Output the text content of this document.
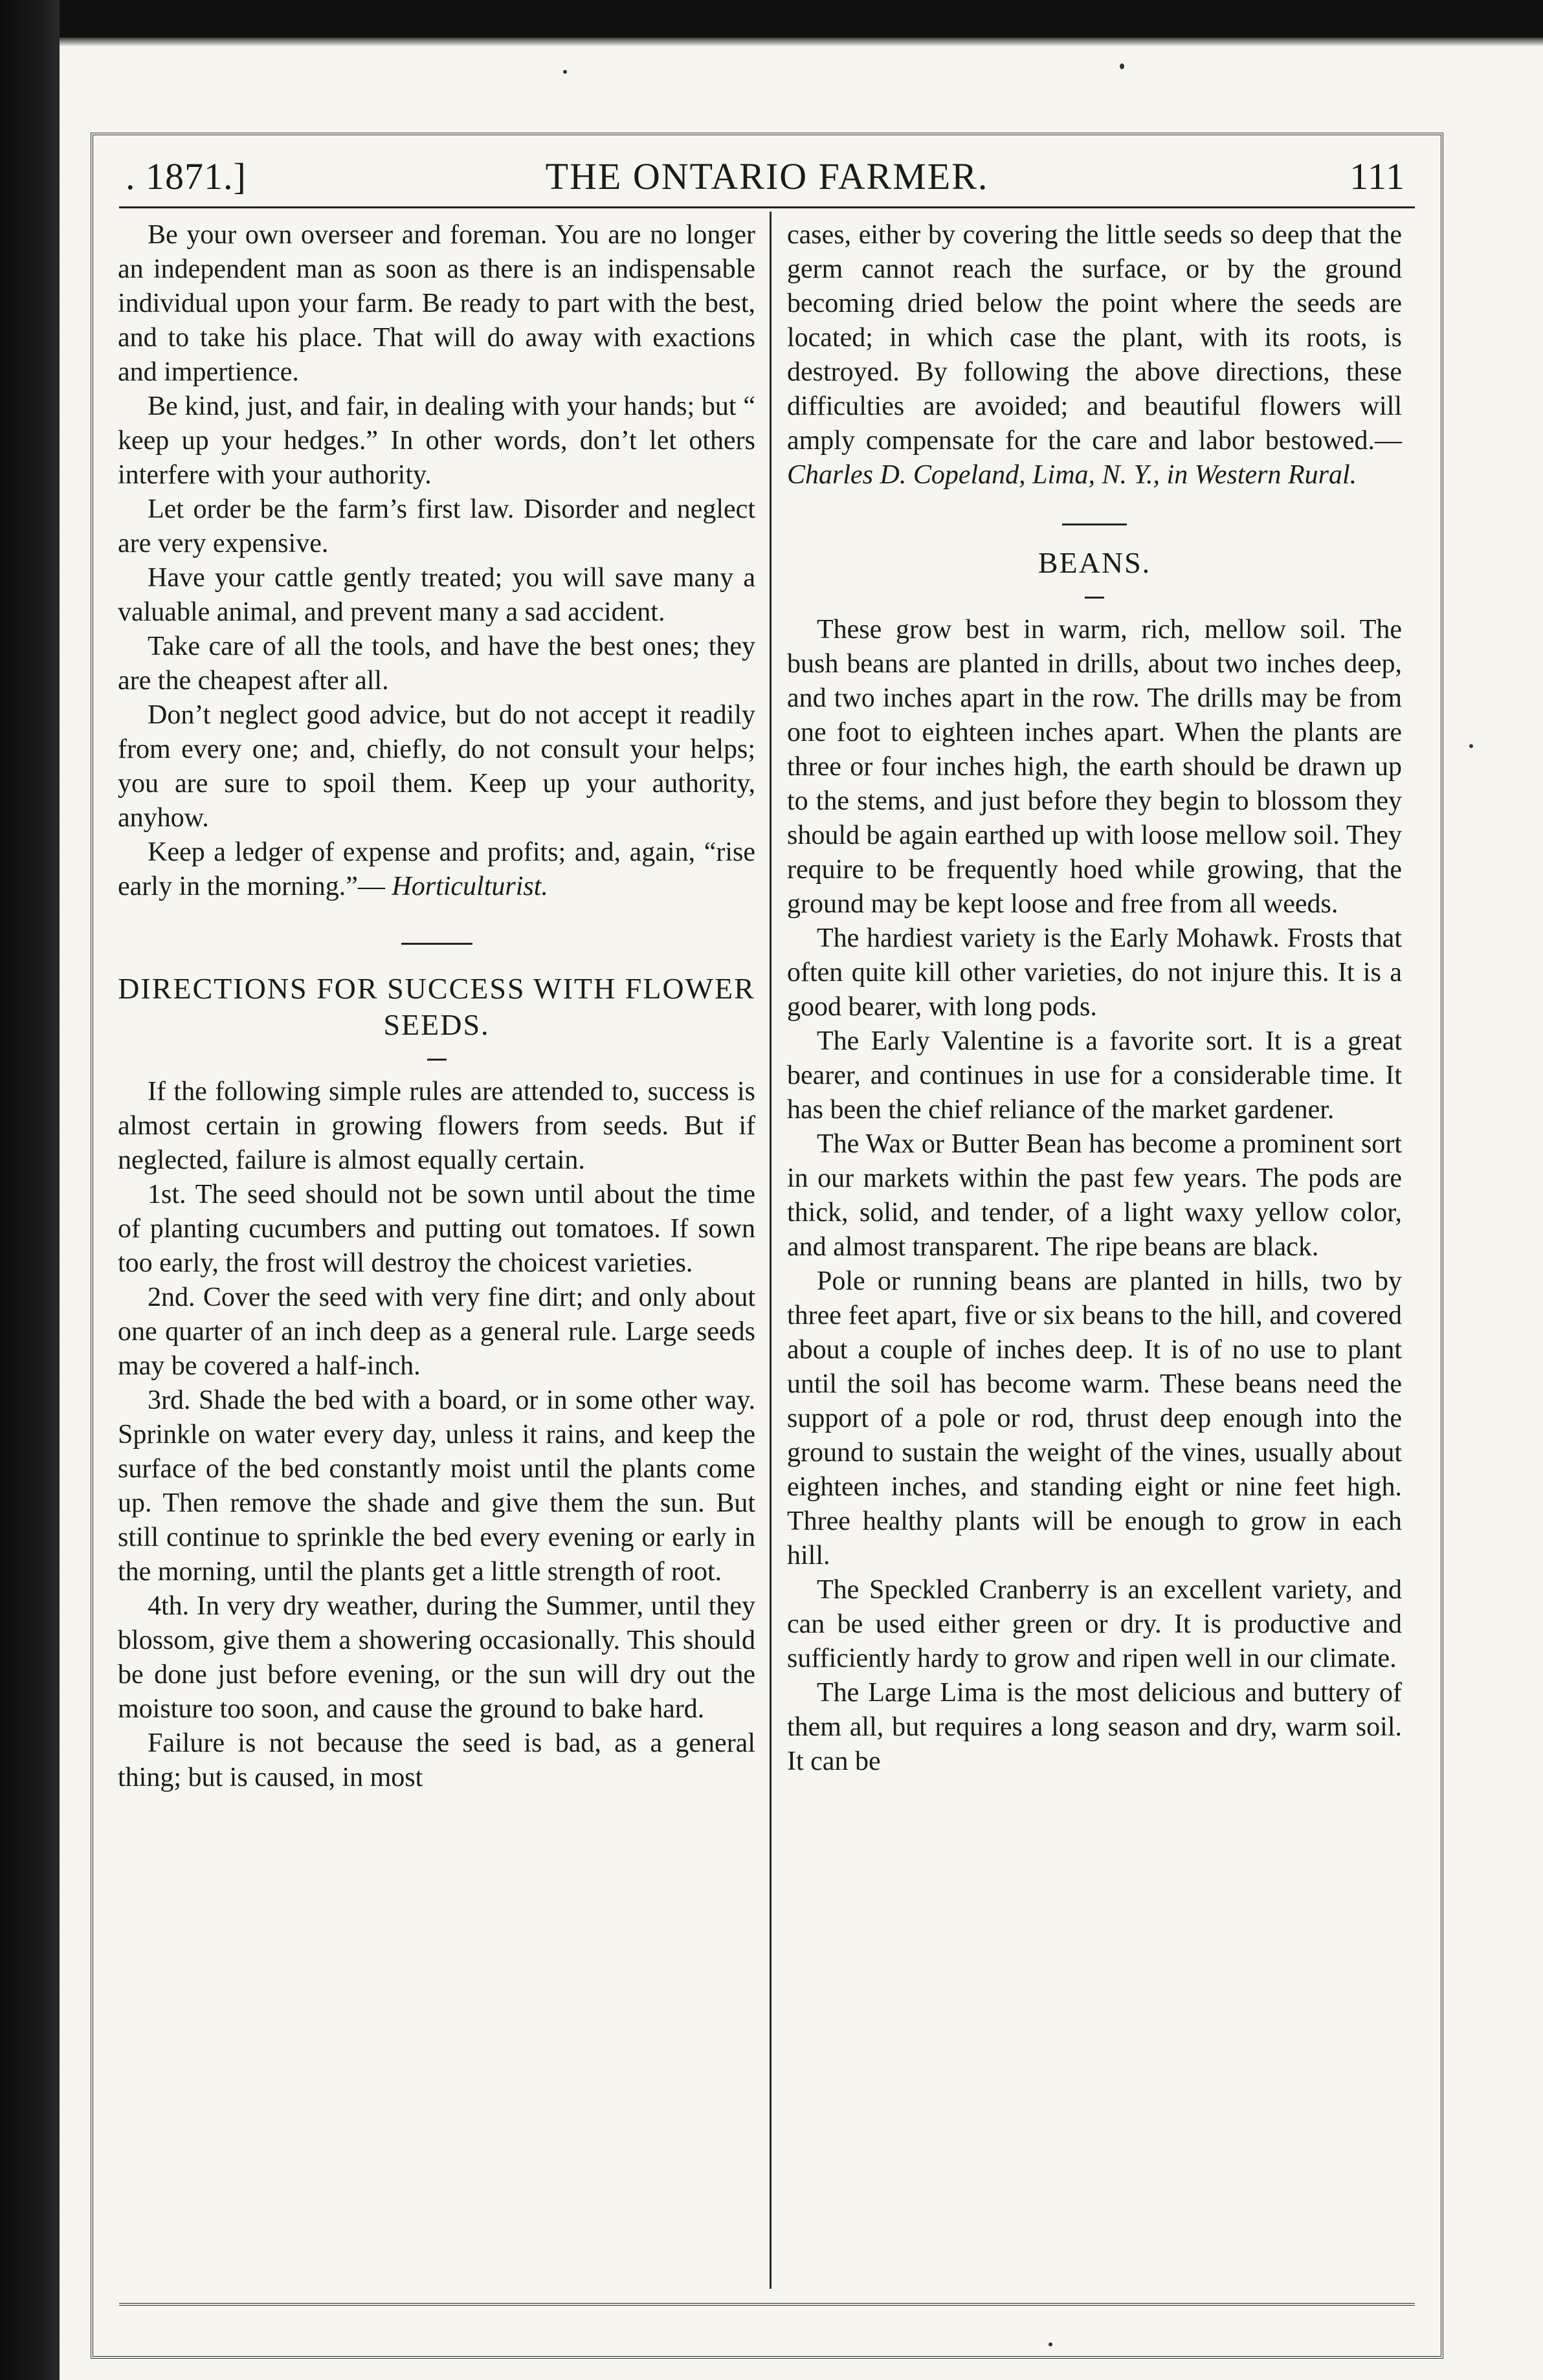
. 1871.]	THE ONTARIO FARMER.	111

Be your own overseer and foreman. You are no longer an independent man as soon as there is an indispensable individual upon your farm. Be ready to part with the best, and to take his place. That will do away with exactions and impertience.

Be kind, just, and fair, in dealing with your hands; but “ keep up your hedges.” In other words, don’t let others interfere with your authority.

Let order be the farm’s first law. Disorder and neglect are very expensive.

Have your cattle gently treated; you will save many a valuable animal, and prevent many a sad accident.

Take care of all the tools, and have the best ones; they are the cheapest after all.

Don’t neglect good advice, but do not accept it readily from every one; and, chiefly, do not consult your helps; you are sure to spoil them. Keep up your authority, anyhow.

Keep a ledger of expense and profits; and, again, “rise early in the morning.”— Horticulturist.

DIRECTIONS FOR SUCCESS WITH FLOWER SEEDS.

If the following simple rules are attended to, success is almost certain in growing flowers from seeds. But if neglected, failure is almost equally certain.

1st. The seed should not be sown until about the time of planting cucumbers and putting out tomatoes. If sown too early, the frost will destroy the choicest varieties.

2nd. Cover the seed with very fine dirt; and only about one quarter of an inch deep as a general rule. Large seeds may be covered a half-inch.

3rd. Shade the bed with a board, or in some other way. Sprinkle on water every day, unless it rains, and keep the surface of the bed constantly moist until the plants come up. Then remove the shade and give them the sun. But still continue to sprinkle the bed every evening or early in the morning, until the plants get a little strength of root.

4th. In very dry weather, during the Summer, until they blossom, give them a showering occasionally. This should be done just before evening, or the sun will dry out the moisture too soon, and cause the ground to bake hard.

Failure is not because the seed is bad, as a general thing; but is caused, in most

cases, either by covering the little seeds so deep that the germ cannot reach the surface, or by the ground becoming dried below the point where the seeds are located; in which case the plant, with its roots, is destroyed. By following the above directions, these difficulties are avoided; and beautiful flowers will amply compensate for the care and labor bestowed.— Charles D. Copeland, Lima, N. Y., in Western Rural.

BEANS.

These grow best in warm, rich, mellow soil. The bush beans are planted in drills, about two inches deep, and two inches apart in the row. The drills may be from one foot to eighteen inches apart. When the plants are three or four inches high, the earth should be drawn up to the stems, and just before they begin to blossom they should be again earthed up with loose mellow soil. They require to be frequently hoed while growing, that the ground may be kept loose and free from all weeds.

The hardiest variety is the Early Mohawk. Frosts that often quite kill other varieties, do not injure this. It is a good bearer, with long pods.

The Early Valentine is a favorite sort. It is a great bearer, and continues in use for a considerable time. It has been the chief reliance of the market gardener.

The Wax or Butter Bean has become a prominent sort in our markets within the past few years. The pods are thick, solid, and tender, of a light waxy yellow color, and almost transparent. The ripe beans are black.

Pole or running beans are planted in hills, two by three feet apart, five or six beans to the hill, and covered about a couple of inches deep. It is of no use to plant until the soil has become warm. These beans need the support of a pole or rod, thrust deep enough into the ground to sustain the weight of the vines, usually about eighteen inches, and standing eight or nine feet high. Three healthy plants will be enough to grow in each hill.

The Speckled Cranberry is an excellent variety, and can be used either green or dry. It is productive and sufficiently hardy to grow and ripen well in our climate.

The Large Lima is the most delicious and buttery of them all, but requires a long season and dry, warm soil. It can be
